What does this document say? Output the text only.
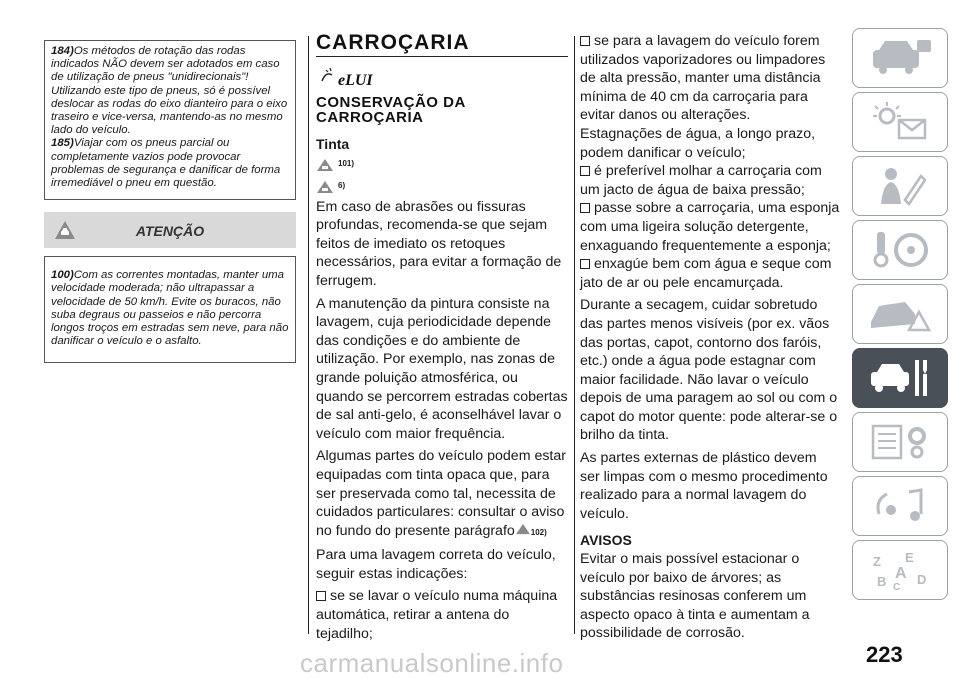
184)Os métodos de rotação das rodas indicados NÃO devem ser adotados em caso de utilização de pneus "unidirecionais"! Utilizando este tipo de pneus, só é possível deslocar as rodas do eixo dianteiro para o eixo traseiro e vice-versa, mantendo-as no mesmo lado do veículo.

185)Viajar com os pneus parcial ou completamente vazios pode provocar problemas de segurança e danificar de forma irremediável o pneu em questão.

ATENÇÃO

100)Com as correntes montadas, manter uma velocidade moderada; não ultrapassar a velocidade de 50 km/h. Evite os buracos, não suba degraus ou passeios e não percorra longos troços em estradas sem neve, para não danificar o veículo e o asfalto.

CARROÇARIA
eLUI
CONSERVAÇÃO DA CARROÇARIA
Tinta
101)
6)

Em caso de abrasões ou fissuras profundas, recomenda-se que sejam feitos de imediato os retoques necessários, para evitar a formação de ferrugem.

A manutenção da pintura consiste na lavagem, cuja periodicidade depende das condições e do ambiente de utilização. Por exemplo, nas zonas de grande poluição atmosférica, ou quando se percorrem estradas cobertas de sal anti-gelo, é aconselhável lavar o veículo com maior frequência.

Algumas partes do veículo podem estar equipadas com tinta opaca que, para ser preservada como tal, necessita de cuidados particulares: consultar o aviso no fundo do presente parágrafo 102)

Para uma lavagem correta do veículo, seguir estas indicações:

se se lavar o veículo numa máquina automática, retirar a antena do tejadilho;

se para a lavagem do veículo forem utilizados vaporizadores ou limpadores de alta pressão, manter uma distância mínima de 40 cm da carroçaria para evitar danos ou alterações.

Estagnações de água, a longo prazo, podem danificar o veículo;

é preferível molhar a carroçaria com um jacto de água de baixa pressão;

passe sobre a carroçaria, uma esponja com uma ligeira solução detergente, enxaguando frequentemente a esponja;

enxagúe bem com água e seque com jato de ar ou pele encamurçada.

Durante a secagem, cuidar sobretudo das partes menos visíveis (por ex. vãos das portas, capot, contorno dos faróis, etc.) onde a água pode estagnar com maior facilidade. Não lavar o veículo depois de uma paragem ao sol ou com o capot do motor quente: pode alterar-se o brilho da tinta.

As partes externas de plástico devem ser limpas com o mesmo procedimento realizado para a normal lavagem do veículo.

AVISOS

Evitar o mais possível estacionar o veículo por baixo de árvores; as substâncias resinosas conferem um aspecto opaco à tinta e aumentam a possibilidade de corrosão.

Z E
B A D
C
223
carmanualsonline.info
